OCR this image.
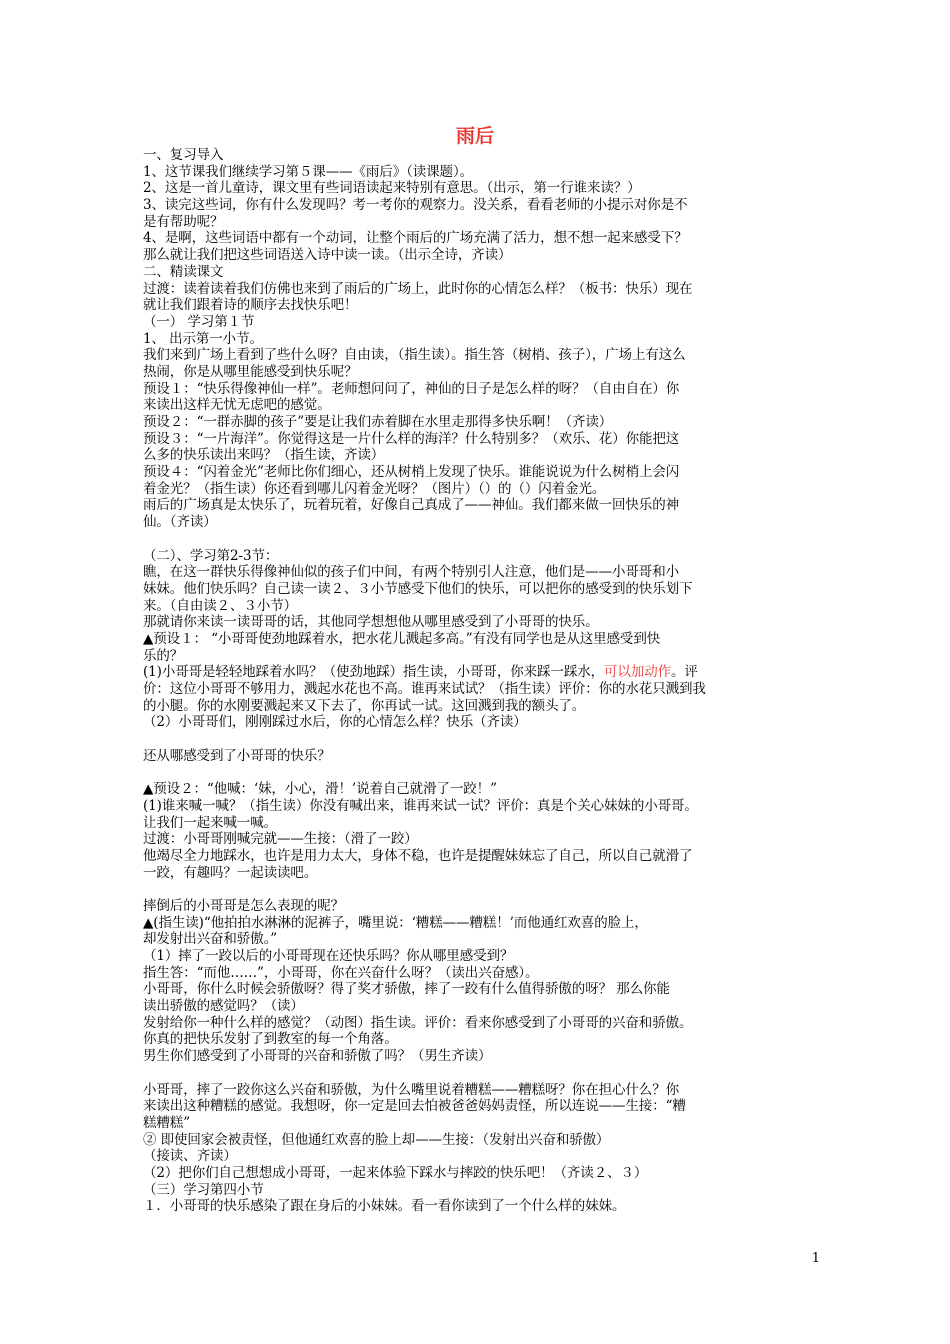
雨后

一、复习导入

1、这节课我们继续学习第５课——《雨后》（读课题）。

2、这是一首儿童诗，课文里有些词语读起来特别有意思。（出示，第一行谁来读？）

3、读完这些词，你有什么发现吗？考一考你的观察力。没关系，看看老师的小提示对你是不

是有帮助呢？

4、是啊，这些词语中都有一个动词，让整个雨后的广场充满了活力，想不想一起来感受下？

那么就让我们把这些词语送入诗中读一读。（出示全诗，齐读）

二、精读课文

过渡：读着读着我们仿佛也来到了雨后的广场上，此时你的心情怎么样？（板书：快乐）现在

就让我们跟着诗的顺序去找快乐吧！

（一） 学习第１节

1、 出示第一小节。

我们来到广场上看到了些什么呀？自由读，（指生读）。指生答（树梢、孩子），广场上有这么

热闹，你是从哪里能感受到快乐呢？

预设１：“快乐得像神仙一样”。老师想问问了，神仙的日子是怎么样的呀？（自由自在）你

来读出这样无忧无虑吧的感觉。

预设２：“一群赤脚的孩子”要是让我们赤着脚在水里走那得多快乐啊！（齐读）

预设３：“一片海洋”。你觉得这是一片什么样的海洋？什么特别多？（欢乐、花）你能把这

么多的快乐读出来吗？（指生读，齐读）

预设４：“闪着金光”老师比你们细心，还从树梢上发现了快乐。谁能说说为什么树梢上会闪

着金光？（指生读）你还看到哪儿闪着金光呀？（图片）（）的（）闪着金光。

雨后的广场真是太快乐了，玩着玩着，好像自己真成了——神仙。我们都来做一回快乐的神

仙。（齐读）

（二）、学习第2-3节：

瞧，在这一群快乐得像神仙似的孩子们中间，有两个特别引人注意，他们是——小哥哥和小

妹妹。他们快乐吗？自己读一读２、３小节感受下他们的快乐，可以把你的感受到的快乐划下

来。（自由读２、３小节）

那就请你来读一读哥哥的话，其他同学想想他从哪里感受到了小哥哥的快乐。

▲预设１： “小哥哥使劲地踩着水，把水花儿溅起多高。”有没有同学也是从这里感受到快

乐的？

(1)小哥哥是轻轻地踩着水吗？（使劲地踩）指生读，小哥哥，你来踩一踩水，可以加动作。评

价：这位小哥哥不够用力，溅起水花也不高。谁再来试试？（指生读）评价：你的水花只溅到我

的小腿。你的水刚要溅起来又下去了，你再试一试。这回溅到我的额头了。

（2）小哥哥们，刚刚踩过水后，你的心情怎么样？快乐（齐读）

还从哪感受到了小哥哥的快乐？

▲预设２：“他喊：‘妹，小心，滑！’说着自己就滑了一跤！”

(1)谁来喊一喊？（指生读）你没有喊出来，谁再来试一试？评价：真是个关心妹妹的小哥哥。

让我们一起来喊一喊。

过渡：小哥哥刚喊完就——生接：（滑了一跤）

他竭尽全力地踩水，也许是用力太大，身体不稳，也许是提醒妹妹忘了自己，所以自己就滑了

一跤，有趣吗？一起读读吧。

摔倒后的小哥哥是怎么表现的呢？

▲(指生读)“他拍拍水淋淋的泥裤子，嘴里说：‘糟糕——糟糕！’而他通红欢喜的脸上，

却发射出兴奋和骄傲。”

（1）摔了一跤以后的小哥哥现在还快乐吗？你从哪里感受到？

指生答：“而他……”，小哥哥，你在兴奋什么呀？（读出兴奋感）。

小哥哥，你什么时候会骄傲呀？得了奖才骄傲，摔了一跤有什么值得骄傲的呀？ 那么你能

读出骄傲的感觉吗？（读）

发射给你一种什么样的感觉？（动图）指生读。评价：看来你感受到了小哥哥的兴奋和骄傲。

你真的把快乐发射了到教室的每一个角落。

男生你们感受到了小哥哥的兴奋和骄傲了吗？（男生齐读）

小哥哥，摔了一跤你这么兴奋和骄傲，为什么嘴里说着糟糕——糟糕呀？你在担心什么？你

来读出这种糟糕的感觉。我想呀，你一定是回去怕被爸爸妈妈责怪，所以连说——生接：“糟

糕糟糕”

② 即使回家会被责怪，但他通红欢喜的脸上却——生接：（发射出兴奋和骄傲）

（接读、齐读）

（2）把你们自己想想成小哥哥，一起来体验下踩水与摔跤的快乐吧！（齐读２、３）

（三）学习第四小节

１．小哥哥的快乐感染了跟在身后的小妹妹。看一看你读到了一个什么样的妹妹。

1
